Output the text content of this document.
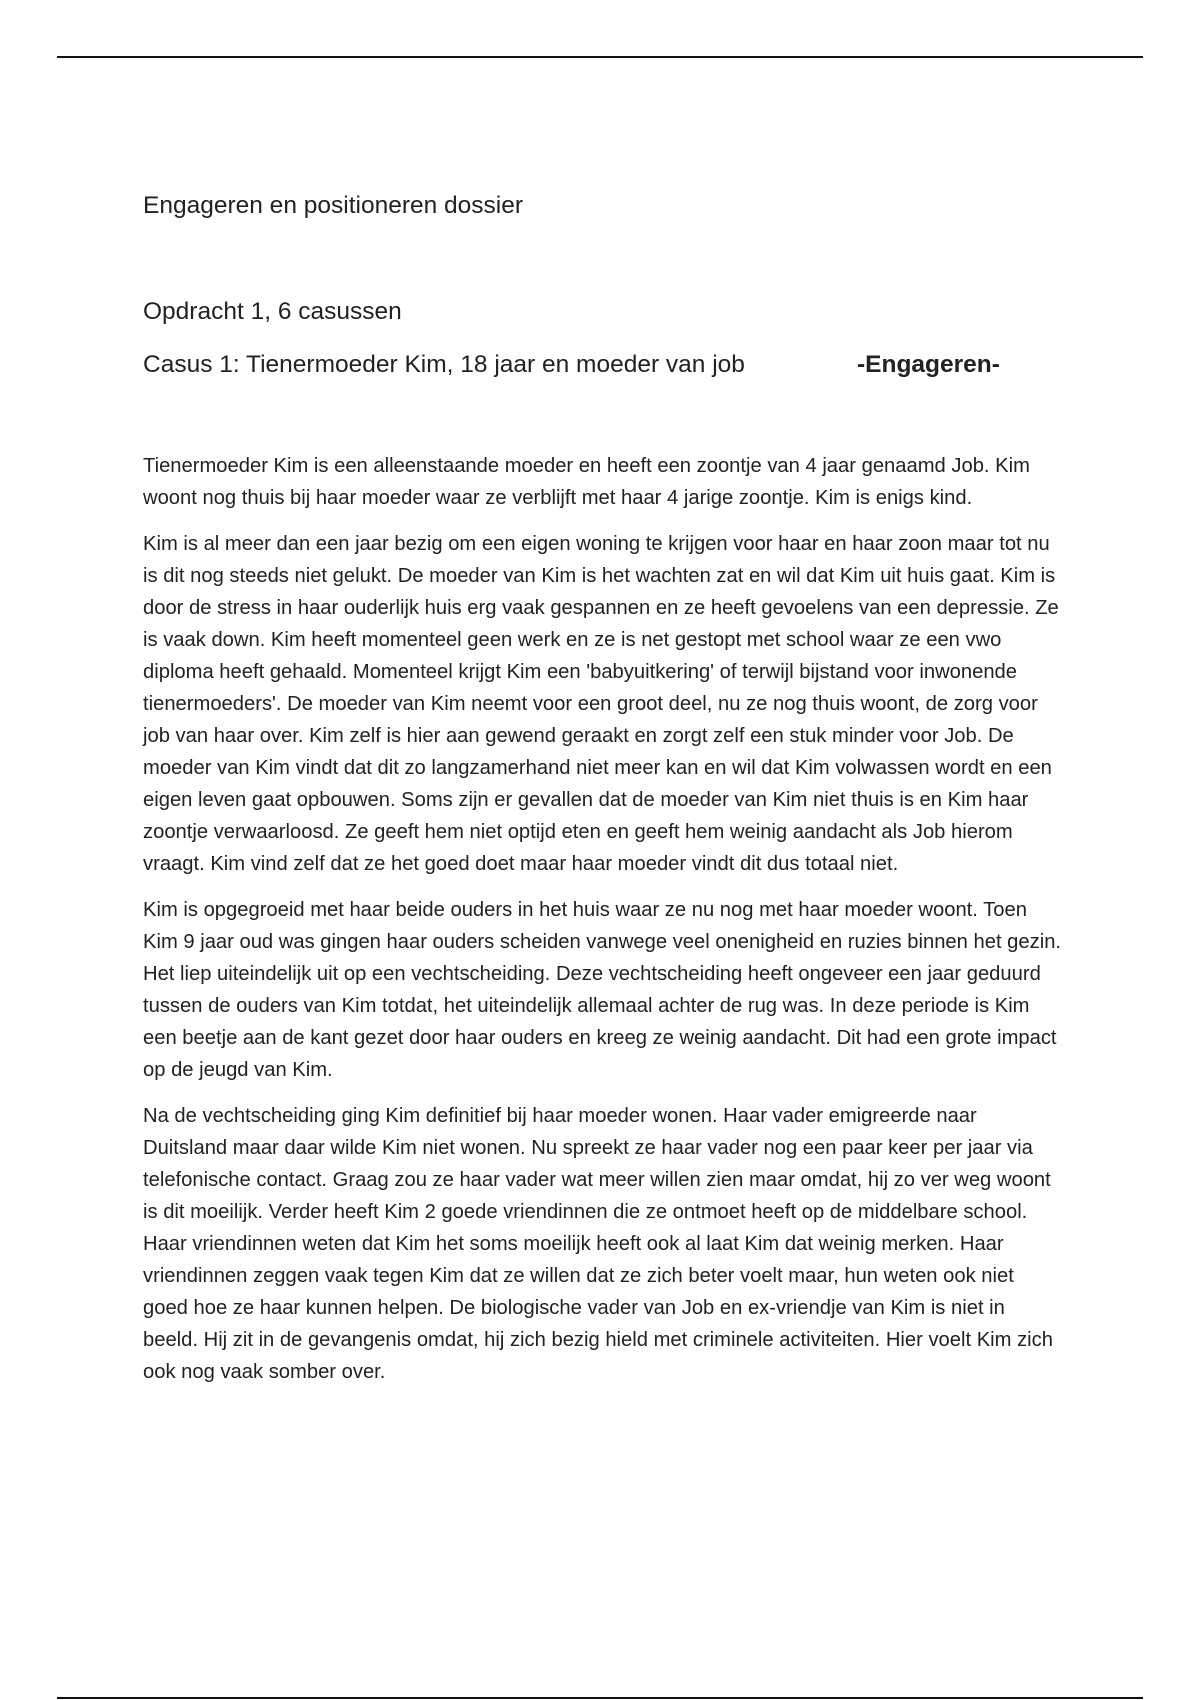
Engageren en positioneren dossier
Opdracht 1, 6 casussen
Casus 1: Tienermoeder Kim, 18 jaar en moeder van job	-Engageren-

Tienermoeder Kim is een alleenstaande moeder en heeft een zoontje van 4 jaar genaamd Job. Kim woont nog thuis bij haar moeder waar ze verblijft met haar 4 jarige zoontje. Kim is enigs kind.

Kim is al meer dan een jaar bezig om een eigen woning te krijgen voor haar en haar zoon maar tot nu is dit nog steeds niet gelukt. De moeder van Kim is het wachten zat en wil dat Kim uit huis gaat. Kim is door de stress in haar ouderlijk huis erg vaak gespannen en ze heeft gevoelens van een depressie. Ze is vaak down. Kim heeft momenteel geen werk en ze is net gestopt met school waar ze een vwo diploma heeft gehaald. Momenteel krijgt Kim een 'babyuitkering' of terwijl bijstand voor inwonende tienermoeders'. De moeder van Kim neemt voor een groot deel, nu ze nog thuis woont, de zorg voor job van haar over. Kim zelf is hier aan gewend geraakt en zorgt zelf een stuk minder voor Job. De moeder van Kim vindt dat dit zo langzamerhand niet meer kan en wil dat Kim volwassen wordt en een eigen leven gaat opbouwen. Soms zijn er gevallen dat de moeder van Kim niet thuis is en Kim haar zoontje verwaarloosd. Ze geeft hem niet optijd eten en geeft hem weinig aandacht als Job hierom vraagt. Kim vind zelf dat ze het goed doet maar haar moeder vindt dit dus totaal niet.

Kim is opgegroeid met haar beide ouders in het huis waar ze nu nog met haar moeder woont. Toen Kim 9 jaar oud was gingen haar ouders scheiden vanwege veel onenigheid en ruzies binnen het gezin. Het liep uiteindelijk uit op een vechtscheiding. Deze vechtscheiding heeft ongeveer een jaar geduurd tussen de ouders van Kim totdat, het uiteindelijk allemaal achter de rug was. In deze periode is Kim een beetje aan de kant gezet door haar ouders en kreeg ze weinig aandacht. Dit had een grote impact op de jeugd van Kim.

Na de vechtscheiding ging Kim definitief bij haar moeder wonen. Haar vader emigreerde naar Duitsland maar daar wilde Kim niet wonen. Nu spreekt ze haar vader nog een paar keer per jaar via telefonische contact. Graag zou ze haar vader wat meer willen zien maar omdat, hij zo ver weg woont is dit moeilijk. Verder heeft Kim 2 goede vriendinnen die ze ontmoet heeft op de middelbare school. Haar vriendinnen weten dat Kim het soms moeilijk heeft ook al laat Kim dat weinig merken. Haar vriendinnen zeggen vaak tegen Kim dat ze willen dat ze zich beter voelt maar, hun weten ook niet goed hoe ze haar kunnen helpen. De biologische vader van Job en ex-vriendje van Kim is niet in beeld. Hij zit in de gevangenis omdat, hij zich bezig hield met criminele activiteiten. Hier voelt Kim zich ook nog vaak somber over.
